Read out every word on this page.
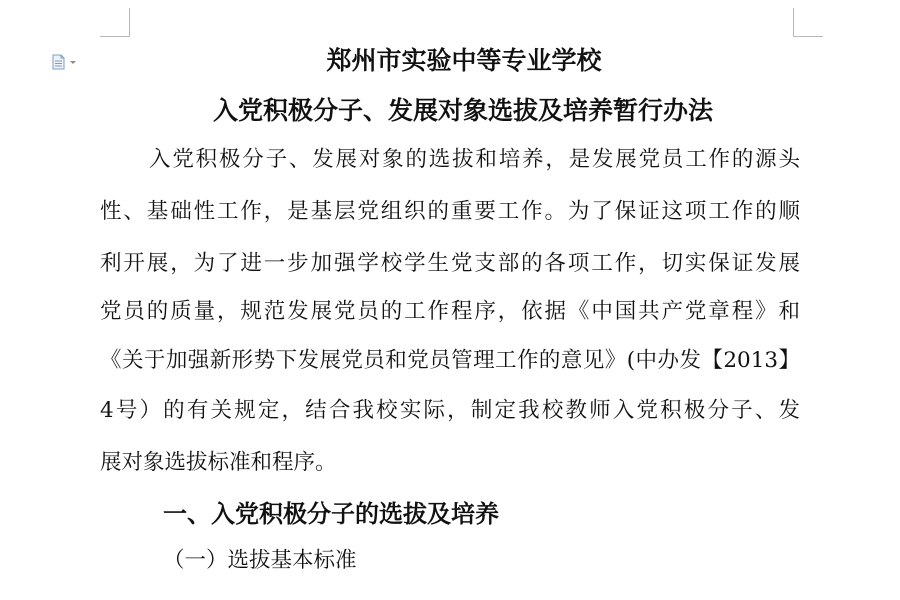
郑州市实验中等专业学校
入党积极分子、发展对象选拔及培养暂行办法
入党积极分子、发展对象的选拔和培养，是发展党员工作的源头
性、基础性工作，是基层党组织的重要工作。为了保证这项工作的顺
利开展，为了进一步加强学校学生党支部的各项工作，切实保证发展
党员的质量，规范发展党员的工作程序，依据《中国共产党章程》和
《关于加强新形势下发展党员和党员管理工作的意见》(中办发【2013】
4号）的有关规定，结合我校实际，制定我校教师入党积极分子、发
展对象选拔标准和程序。
一、入党积极分子的选拔及培养
（一）选拔基本标准
